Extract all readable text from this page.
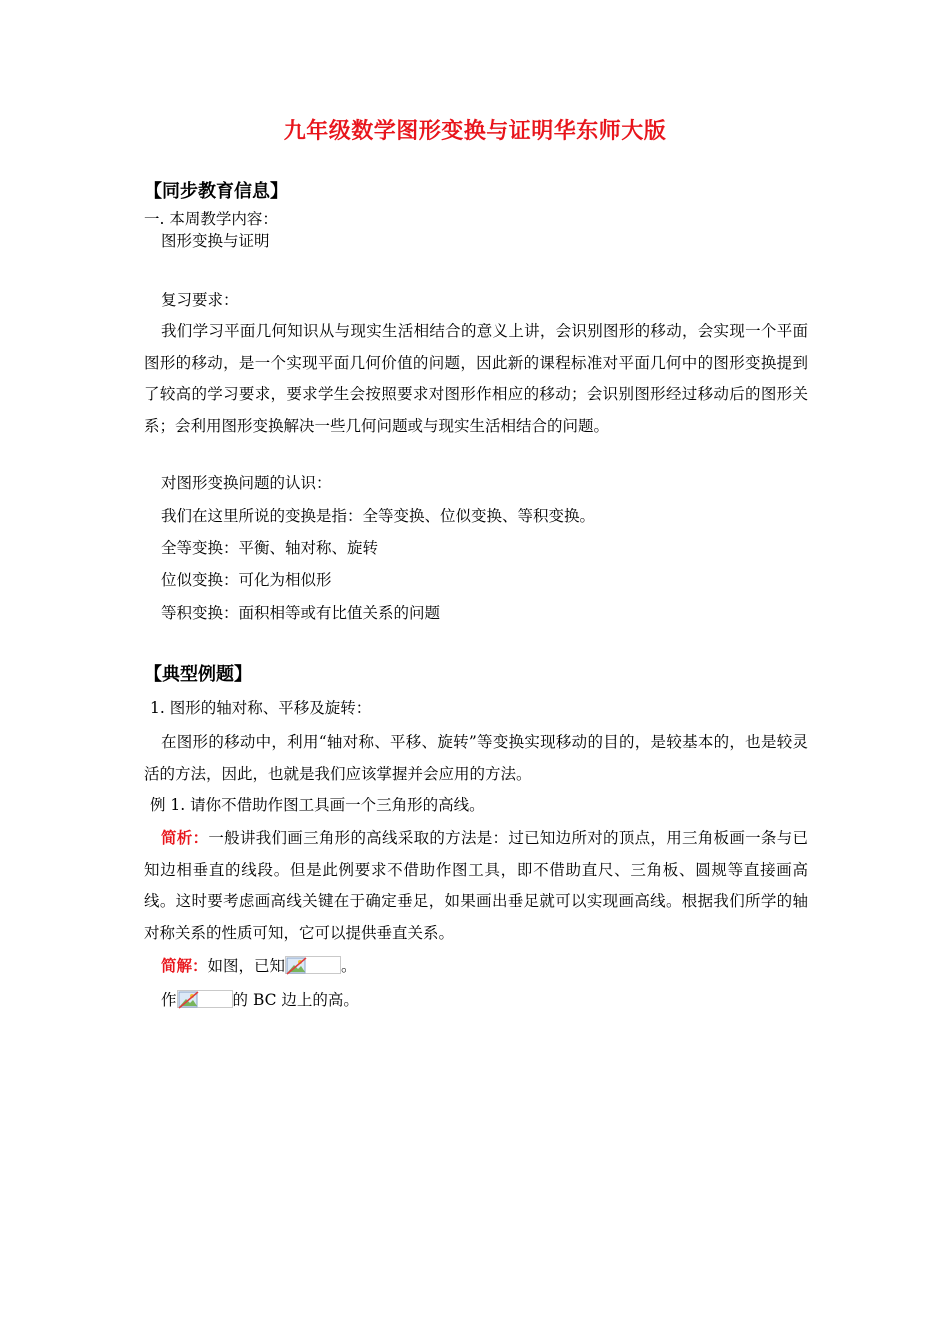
九年级数学图形变换与证明华东师大版
【同步教育信息】
一. 本周教学内容：
图形变换与证明
复习要求：
我们学习平面几何知识从与现实生活相结合的意义上讲，会识别图形的移动，会实现一个平面图形的移动，是一个实现平面几何价值的问题，因此新的课程标准对平面几何中的图形变换提到了较高的学习要求，要求学生会按照要求对图形作相应的移动；会识别图形经过移动后的图形关系；会利用图形变换解决一些几何问题或与现实生活相结合的问题。
对图形变换问题的认识：
我们在这里所说的变换是指：全等变换、位似变换、等积变换。
全等变换：平衡、轴对称、旋转
位似变换：可化为相似形
等积变换：面积相等或有比值关系的问题
【典型例题】
1. 图形的轴对称、平移及旋转：
在图形的移动中，利用“轴对称、平移、旋转”等变换实现移动的目的，是较基本的，也是较灵活的方法，因此，也就是我们应该掌握并会应用的方法。
例 1. 请你不借助作图工具画一个三角形的高线。
简析：一般讲我们画三角形的高线采取的方法是：过已知边所对的顶点，用三角板画一条与已知边相垂直的线段。但是此例要求不借助作图工具，即不借助直尺、三角板、圆规等直接画高线。这时要考虑画高线关键在于确定垂足，如果画出垂足就可以实现画高线。根据我们所学的轴对称关系的性质可知，它可以提供垂直关系。
简解：如图，已知	。
作	的 BC 边上的高。
